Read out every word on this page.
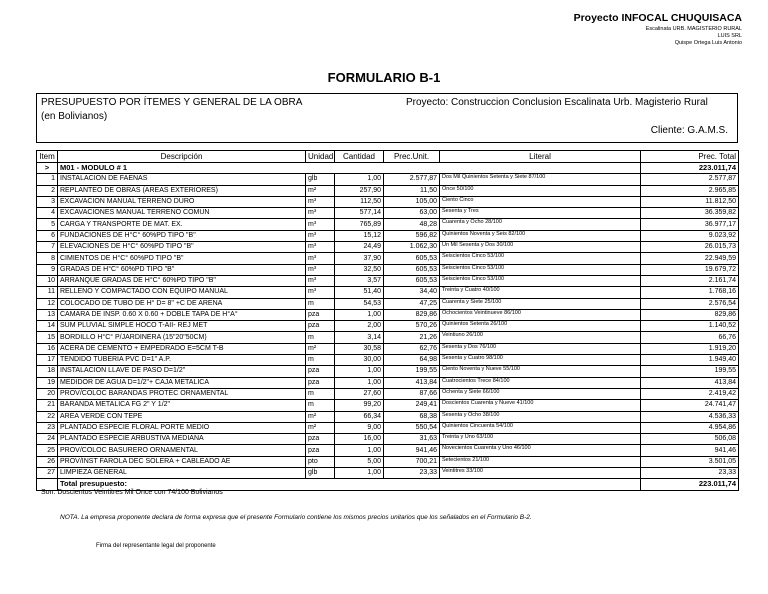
Proyecto INFOCAL CHUQUISACA
Escalinata URB. MAGISTERIO RURAL
LUIS SRL
Quispe Ortega Luis Antonio
FORMULARIO B-1
PRESUPUESTO POR ÍTEMES Y GENERAL DE LA OBRA
(en Bolivianos)
Proyecto: Construccion Conclusion Escalinata Urb. Magisterio Rural
Cliente: G.A.M.S.
Item	Descripción	Unidad	Cantidad	Prec.Unit.	Literal	Prec. Total
>	M01 - MODULO # 1					223.011,74
1	INSTALACION DE FAENAS	glb	1,00	2.577,87	Dos Mil Quinientos Setenta y Siete 87/100	2.577,87
2	REPLANTEO DE OBRAS (AREAS EXTERIORES)	m²	257,90	11,50	Once 50/100	2.965,85
3	EXCAVACION MANUAL TERRENO DURO	m³	112,50	105,00	Ciento Cinco	11.812,50
4	EXCAVACIONES MANUAL TERRENO COMUN	m³	577,14	63,00	Sesenta y Tres	36.359,82
5	CARGA Y TRANSPORTE DE MAT. EX.	m³	765,89	48,28	Cuarenta y Ocho 28/100	36.977,17
6	FUNDACIONES DE H°C° 60%PD TIPO "B"	m³	15,12	596,82	Quinientos Noventa y Seis 82/100	9.023,92
7	ELEVACIONES DE H°C° 60%PD TIPO "B"	m³	24,49	1.062,30	Un Mil Sesenta y Dos 30/100	26.015,73
8	CIMIENTOS DE H°C° 60%PD TIPO "B"	m³	37,90	605,53	Seiscientos Cinco 53/100	22.949,59
9	GRADAS DE H°C° 60%PD TIPO "B"	m³	32,50	605,53	Seiscientos Cinco 53/100	19.679,72
10	ARRANQUE GRADAS DE H°C° 60%PD TIPO "B"	m³	3,57	605,53	Seiscientos Cinco 53/100	2.161,74
11	RELLENO Y COMPACTADO CON EQUIPO MANUAL	m³	51,40	34,40	Treinta y Cuatro 40/100	1.768,16
12	COLOCADO DE TUBO DE H° D= 8" +C DE ARENA	m	54,53	47,25	Cuarenta y Siete 25/100	2.576,54
13	CAMARA DE INSP. 0.60 X 0.60 + DOBLE TAPA DE H°A°	pza	1,00	829,86	Ochocientos Veintinueve 86/100	829,86
14	SUM PLUVIAL SIMPLE HOCO T-AII- REJ MET	pza	2,00	570,26	Quinientos Setenta 26/100	1.140,52
15	BORDILLO H°C° P/JARDINERA (15"20"50CM)	m	3,14	21,26	Veintiuno 26/100	66,76
16	ACERA DE CEMENTO + EMPEDRADO E=5CM T-B	m²	30,58	62,76	Sesenta y Dos 76/100	1.919,20
17	TENDIDO TUBERIA PVC D=1" A.P.	m	30,00	64,98	Sesenta y Cuatro 98/100	1.949,40
18	INSTALACION LLAVE DE PASO D=1/2"	pza	1,00	199,55	Ciento Noventa y Nueve 55/100	199,55
19	MEDIDOR DE AGUA D=1/2"+ CAJA METALICA	pza	1,00	413,84	Cuatrocientos Trece 84/100	413,84
20	PROV/COLOC BARANDAS PROTEC ORNAMENTAL	m	27,60	87,66	Ochenta y Siete 66/100	2.419,42
21	BARANDA METALICA FG 2" Y 1/2"	m	99,20	249,41	Doscientos Cuarenta y Nueve 41/100	24.741,47
22	AREA VERDE CON TEPE	m²	66,34	68,38	Sesenta y Ocho 38/100	4.536,33
23	PLANTADO ESPECIE FLORAL PORTE MEDIO	m²	9,00	550,54	Quinientos Cincuenta 54/100	4.954,86
24	PLANTADO ESPECIE ARBUSTIVA MEDIANA	pza	16,00	31,63	Treinta y Uno 63/100	506,08
25	PROV/COLOC BASURERO ORNAMENTAL	pza	1,00	941,46	Novecientos Cuarenta y Uno 46/100	941,46
26	PROV/INST FAROLA DEC SOLERA + CABLEADO AE	pto	5,00	700,21	Setecientos 21/100	3.501,05
27	LIMPIEZA GENERAL	glb	1,00	23,33	Veintitres 33/100	23,33
	Total presupuesto:					223.011,74
Son: Doscientos Veintitres Mil Once con 74/100 Bolivianos
NOTA. La empresa proponente declara de forma expresa que el presente Formulario contiene los mismos precios unitarios que los señalados en el Formulario B-2.
Firma del representante legal del proponente
